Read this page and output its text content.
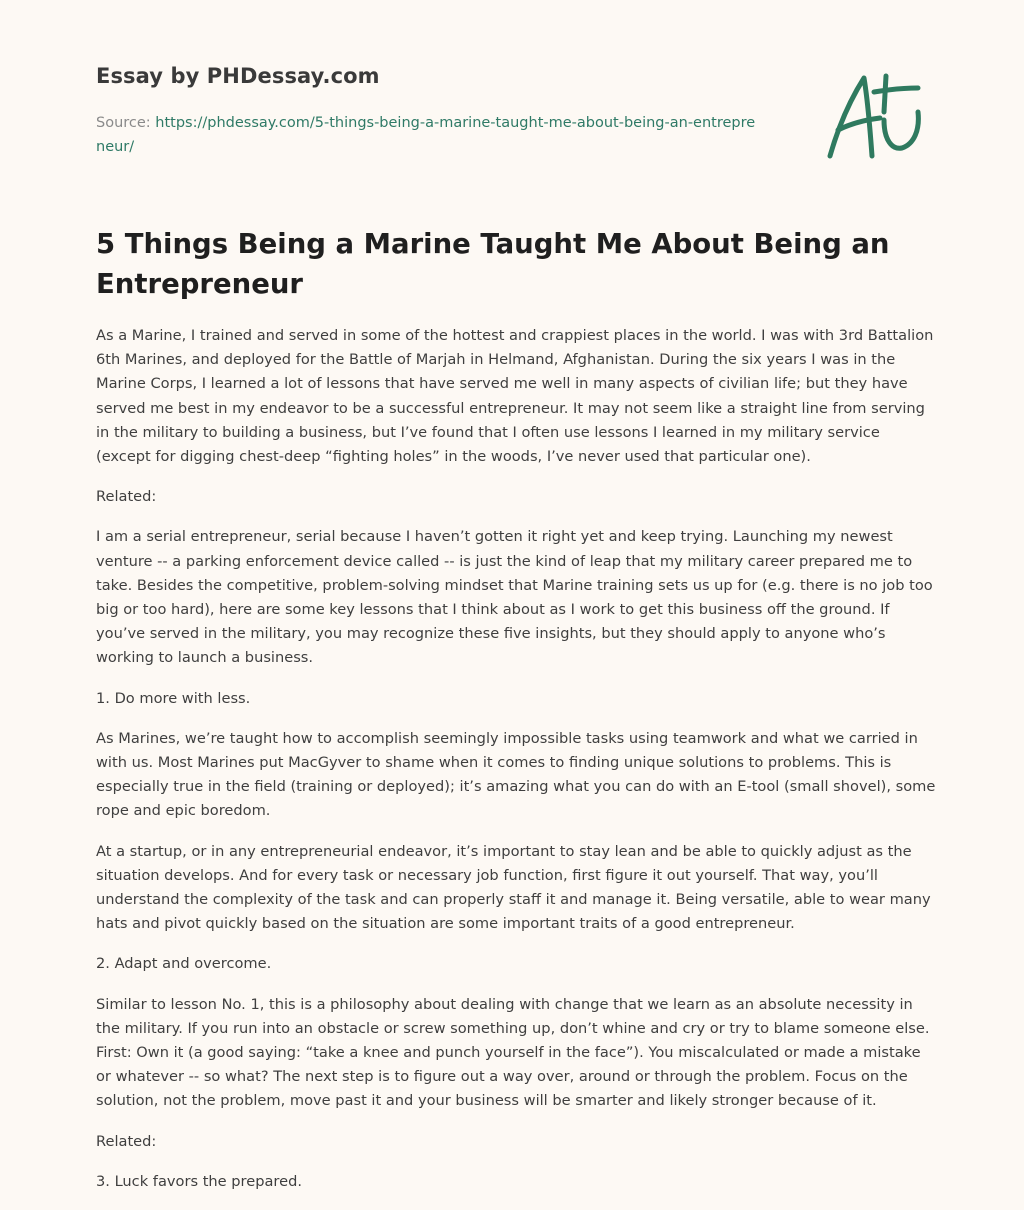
Essay by PHDessay.com
Source: https://phdessay.com/5-things-being-a-marine-taught-me-about-being-an-entrepreneur/
5 Things Being a Marine Taught Me About Being an Entrepreneur

As a Marine, I trained and served in some of the hottest and crappiest places in the world. I was with 3rd Battalion 6th Marines, and deployed for the Battle of Marjah in Helmand, Afghanistan. During the six years I was in the Marine Corps, I learned a lot of lessons that have served me well in many aspects of civilian life; but they have served me best in my endeavor to be a successful entrepreneur. It may not seem like a straight line from serving in the military to building a business, but I’ve found that I often use lessons I learned in my military service (except for digging chest-deep “fighting holes” in the woods, I’ve never used that particular one).

Related:

I am a serial entrepreneur, serial because I haven’t gotten it right yet and keep trying. Launching my newest venture -- a parking enforcement device called -- is just the kind of leap that my military career prepared me to take. Besides the competitive, problem-solving mindset that Marine training sets us up for (e.g. there is no job too big or too hard), here are some key lessons that I think about as I work to get this business off the ground. If you’ve served in the military, you may recognize these five insights, but they should apply to anyone who’s working to launch a business.

1. Do more with less.

As Marines, we’re taught how to accomplish seemingly impossible tasks using teamwork and what we carried in with us. Most Marines put MacGyver to shame when it comes to finding unique solutions to problems. This is especially true in the field (training or deployed); it’s amazing what you can do with an E-tool (small shovel), some rope and epic boredom.

At a startup, or in any entrepreneurial endeavor, it’s important to stay lean and be able to quickly adjust as the situation develops. And for every task or necessary job function, first figure it out yourself. That way, you’ll understand the complexity of the task and can properly staff it and manage it. Being versatile, able to wear many hats and pivot quickly based on the situation are some important traits of a good entrepreneur.

2. Adapt and overcome.

Similar to lesson No. 1, this is a philosophy about dealing with change that we learn as an absolute necessity in the military. If you run into an obstacle or screw something up, don’t whine and cry or try to blame someone else. First: Own it (a good saying: “take a knee and punch yourself in the face”). You miscalculated or made a mistake or whatever -- so what? The next step is to figure out a way over, around or through the problem. Focus on the solution, not the problem, move past it and your business will be smarter and likely stronger because of it.

Related:

3. Luck favors the prepared.
